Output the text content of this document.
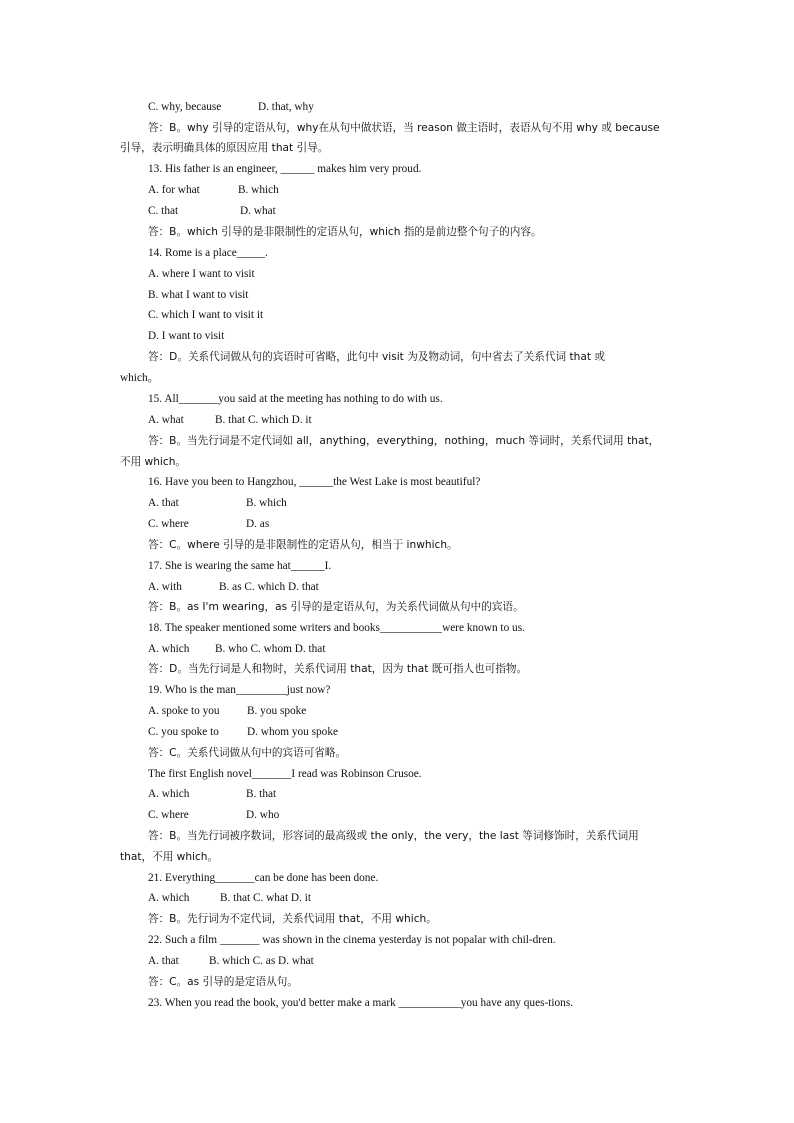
C. why, because	D. that, why
答：B。why 引导的定语从句，why在从句中做状语，当 reason 做主语时，表语从句不用 why 或 because
引导，表示明确具体的原因应用 that 引导。
13. His father is an engineer, ______ makes him very proud.
A. for what	B. which
C. that	D. what
答：B。which 引导的是非限制性的定语从句，which 指的是前边整个句子的内容。
14. Rome is a place_____.
A. where I want to visit
B. what I want to visit
C. which I want to visit it
D. I want to visit
答：D。关系代词做从句的宾语时可省略，此句中 visit 为及物动词，句中省去了关系代词 that 或
which。
15. All_______you said at the meeting has nothing to do with us.
A. what	B. that C. which D. it
答：B。当先行词是不定代词如 all，anything，everything，nothing，much 等词时，关系代词用 that，
不用 which。
16. Have you been to Hangzhou, ______the West Lake is most beautiful?
A. that	B. which
C. where	D. as
答：C。where 引导的是非限制性的定语从句，相当于 inwhich。
17. She is wearing the same hat______I.
A. with	B. as C. which D. that
答：B。as I'm wearing，as 引导的是定语从句，为关系代词做从句中的宾语。
18. The speaker mentioned some writers and books___________were known to us.
A. which B. who C. whom D. that
答：D。当先行词是人和物时，关系代词用 that，因为 that 既可指人也可指物。
19. Who is the man_________just now?
A. spoke to you B. you spoke
C. you spoke to D. whom you spoke
答：C。关系代词做从句中的宾语可省略。
The first English novel_______I read was Robinson Crusoe.
A. which	B. that
C. where	D. who
答：B。当先行词被序数词，形容词的最高级或 the only，the very，the last 等词修饰时，关系代词用
that，不用 which。
21. Everything_______can be done has been done.
A. which	B. that C. what D. it
答：B。先行词为不定代词，关系代词用 that，不用 which。
22. Such a film _______ was shown in the cinema yesterday is not popalar with chil-dren.
A. that	B. which C. as D. what
答：C。as 引导的是定语从句。
23. When you read the book, you'd better make a mark ___________you have any ques-tions.
